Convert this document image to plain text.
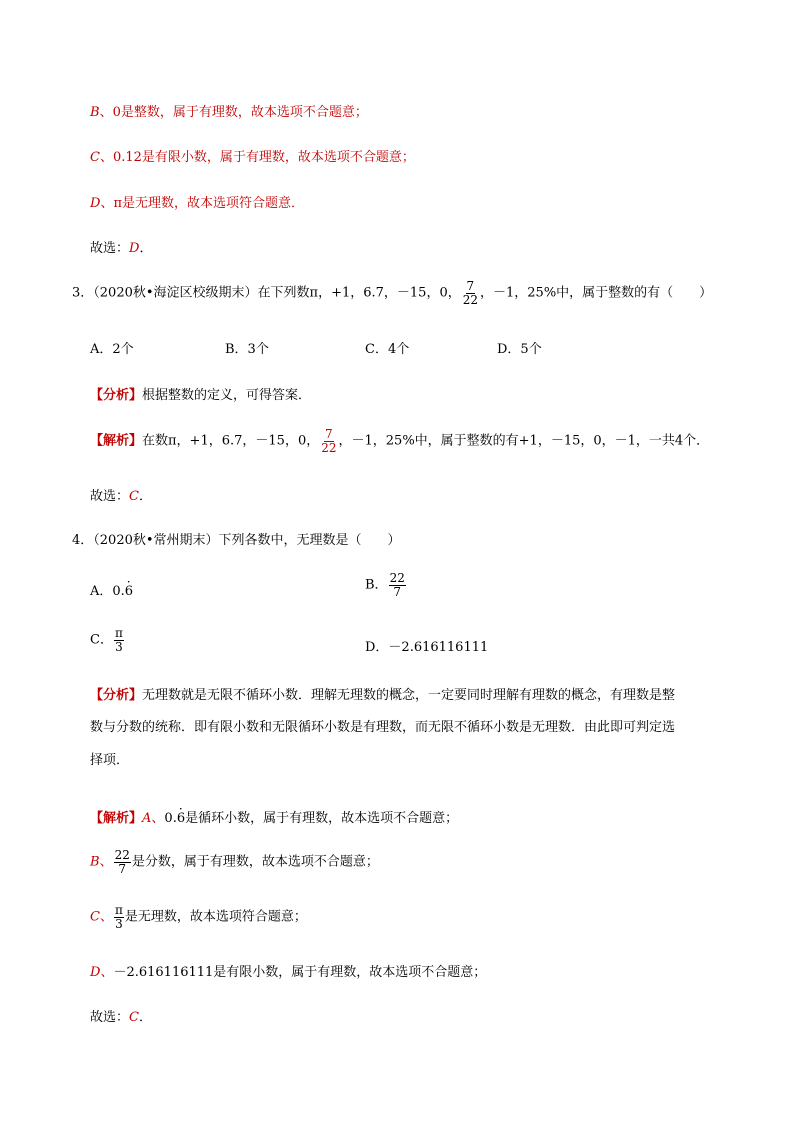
B、0是整数，属于有理数，故本选项不合题意；
C、0.12是有限小数，属于有理数，故本选项不合题意；
D、π是无理数，故本选项符合题意．
故选：D．
3．（2020秋•海淀区校级期末）在下列数π，+1，6.7，－15，0， $\frac{7}{22}$ ，－1，25%中，属于整数的有（　　）
A．2个	B．3个	C．4个	D．5个
【分析】根据整数的定义，可得答案．
【解析】在数π，+1，6.7，－15，0， $\frac{7}{22}$ ，－1，25%中，属于整数的有+1，－15，0，－1，一共4个．
故选：C．
4．（2020秋•常州期末）下列各数中，无理数是（　　）
A．0.· 6	B． $\frac{22}{7}$
C． $\frac{\pi}{3}$	D．－2.616116111
【分析】无理数就是无限不循环小数．理解无理数的概念，一定要同时理解有理数的概念，有理数是整
数与分数的统称．即有限小数和无限循环小数是有理数，而无限不循环小数是无理数．由此即可判定选
择项．
【解析】A、0.· 6是循环小数，属于有理数，故本选项不合题意；
B、 $\frac{22}{7}$ 是分数，属于有理数，故本选项不合题意；
C、 $\frac{\pi}{3}$ 是无理数，故本选项符合题意；
D、－2.616116111是有限小数，属于有理数，故本选项不合题意；
故选：C．
